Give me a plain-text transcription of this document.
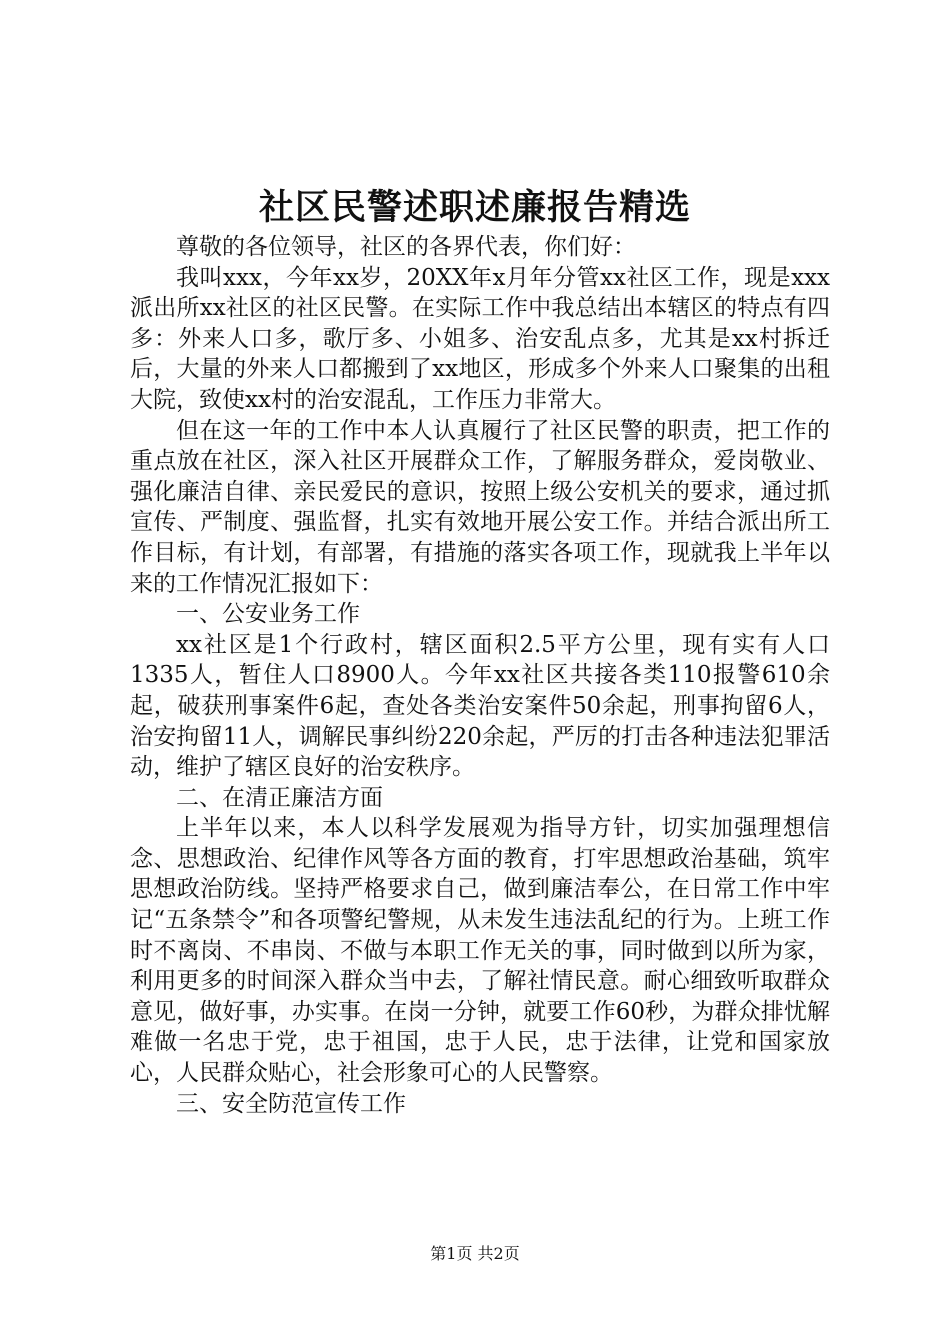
社区民警述职述廉报告精选

尊敬的各位领导，社区的各界代表，你们好：

我叫xxx，今年xx岁，20XX年x月年分管xx社区工作，现是xxx派出所xx社区的社区民警。在实际工作中我总结出本辖区的特点有四多：外来人口多，歌厅多、小姐多、治安乱点多，尤其是xx村拆迁后，大量的外来人口都搬到了xx地区，形成多个外来人口聚集的出租大院，致使xx村的治安混乱，工作压力非常大。

但在这一年的工作中本人认真履行了社区民警的职责，把工作的重点放在社区，深入社区开展群众工作，了解服务群众，爱岗敬业、强化廉洁自律、亲民爱民的意识，按照上级公安机关的要求，通过抓宣传、严制度、强监督，扎实有效地开展公安工作。并结合派出所工作目标，有计划，有部署，有措施的落实各项工作，现就我上半年以来的工作情况汇报如下：

一、公安业务工作

xx社区是1个行政村，辖区面积2.5平方公里，现有实有人口1335人，暂住人口8900人。今年xx社区共接各类110报警610余起，破获刑事案件6起，查处各类治安案件50余起，刑事拘留6人，治安拘留11人，调解民事纠纷220余起，严厉的打击各种违法犯罪活动，维护了辖区良好的治安秩序。

二、在清正廉洁方面

上半年以来，本人以科学发展观为指导方针，切实加强理想信念、思想政治、纪律作风等各方面的教育，打牢思想政治基础，筑牢思想政治防线。坚持严格要求自己，做到廉洁奉公，在日常工作中牢记“五条禁令”和各项警纪警规，从未发生违法乱纪的行为。上班工作时不离岗、不串岗、不做与本职工作无关的事，同时做到以所为家，利用更多的时间深入群众当中去，了解社情民意。耐心细致听取群众意见，做好事，办实事。在岗一分钟，就要工作60秒，为群众排忧解难做一名忠于党，忠于祖国，忠于人民，忠于法律，让党和国家放心，人民群众贴心，社会形象可心的人民警察。

三、安全防范宣传工作

第1页 共2页
